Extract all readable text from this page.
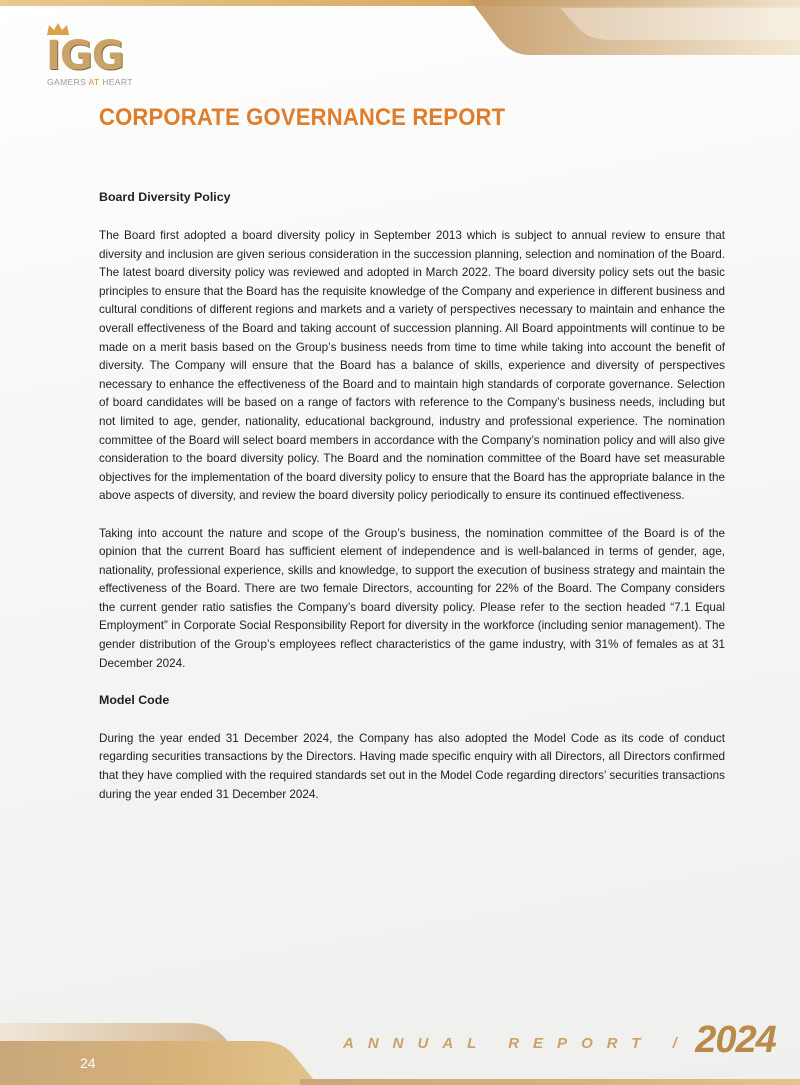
IGG
GAMERS AT HEART
CORPORATE GOVERNANCE REPORT
Board Diversity Policy

The Board first adopted a board diversity policy in September 2013 which is subject to annual review to ensure that diversity and inclusion are given serious consideration in the succession planning, selection and nomination of the Board. The latest board diversity policy was reviewed and adopted in March 2022. The board diversity policy sets out the basic principles to ensure that the Board has the requisite knowledge of the Company and experience in different business and cultural conditions of different regions and markets and a variety of perspectives necessary to maintain and enhance the overall effectiveness of the Board and taking account of succession planning. All Board appointments will continue to be made on a merit basis based on the Group’s business needs from time to time while taking into account the benefit of diversity. The Company will ensure that the Board has a balance of skills, experience and diversity of perspectives necessary to enhance the effectiveness of the Board and to maintain high standards of corporate governance. Selection of board candidates will be based on a range of factors with reference to the Company’s business needs, including but not limited to age, gender, nationality, educational background, industry and professional experience. The nomination committee of the Board will select board members in accordance with the Company’s nomination policy and will also give consideration to the board diversity policy. The Board and the nomination committee of the Board have set measurable objectives for the implementation of the board diversity policy to ensure that the Board has the appropriate balance in the above aspects of diversity, and review the board diversity policy periodically to ensure its continued effectiveness.

Taking into account the nature and scope of the Group’s business, the nomination committee of the Board is of the opinion that the current Board has sufficient element of independence and is well-balanced in terms of gender, age, nationality, professional experience, skills and knowledge, to support the execution of business strategy and maintain the effectiveness of the Board. There are two female Directors, accounting for 22% of the Board. The Company considers the current gender ratio satisfies the Company’s board diversity policy. Please refer to the section headed “7.1 Equal Employment” in Corporate Social Responsibility Report for diversity in the workforce (including senior management). The gender distribution of the Group’s employees reflect characteristics of the game industry, with 31% of females as at 31 December 2024.

Model Code

During the year ended 31 December 2024, the Company has also adopted the Model Code as its code of conduct regarding securities transactions by the Directors. Having made specific enquiry with all Directors, all Directors confirmed that they have complied with the required standards set out in the Model Code regarding directors’ securities transactions during the year ended 31 December 2024.

ANNUAL REPORT / 2024
24
